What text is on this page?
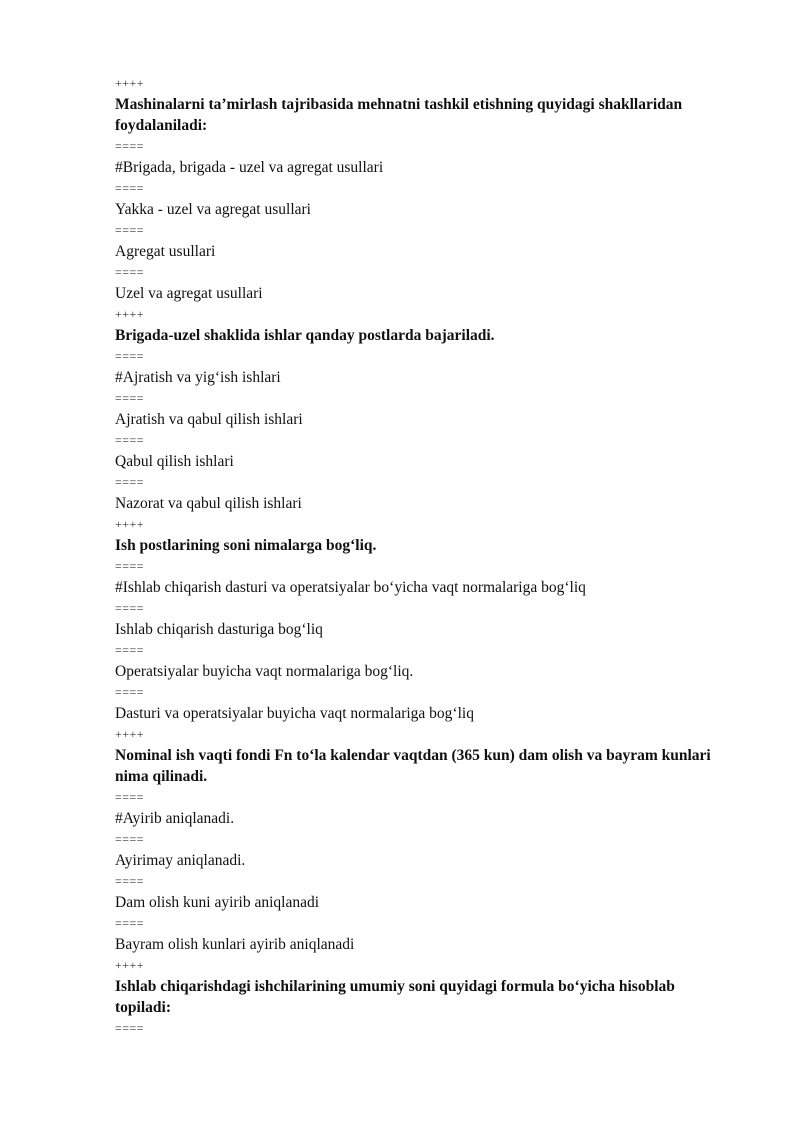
++++
Mashinalarni ta’mirlash tajribasida mehnatni tashkil etishning quyidagi shakllaridan foydalaniladi:
====
#Brigada, brigada - uzel va agregat usullari
====
Yakka - uzel va agregat usullari
====
Agregat usullari
====
Uzel va agregat usullari
++++
Brigada-uzel shaklida ishlar qanday postlarda bajariladi.
====
#Ajratish va yig‘ish ishlari
====
Ajratish va qabul qilish ishlari
====
Qabul qilish ishlari
====
Nazorat va qabul qilish ishlari
++++
Ish postlarining soni nimalarga bog‘liq.
====
#Ishlab chiqarish dasturi va operatsiyalar bo‘yicha vaqt normalariga bog‘liq
====
Ishlab chiqarish dasturiga bog‘liq
====
Operatsiyalar buyicha vaqt normalariga bog‘liq.
====
Dasturi va operatsiyalar buyicha vaqt normalariga bog‘liq
++++
Nominal ish vaqti fondi Fn to‘la kalendar vaqtdan (365 kun) dam olish va bayram kunlari nima qilinadi.
====
#Ayirib aniqlanadi.
====
Ayirimay aniqlanadi.
====
Dam olish kuni ayirib aniqlanadi
====
Bayram olish kunlari ayirib aniqlanadi
++++
Ishlab chiqarishdagi ishchilarining umumiy soni quyidagi formula bo‘yicha hisoblab topiladi:
====
